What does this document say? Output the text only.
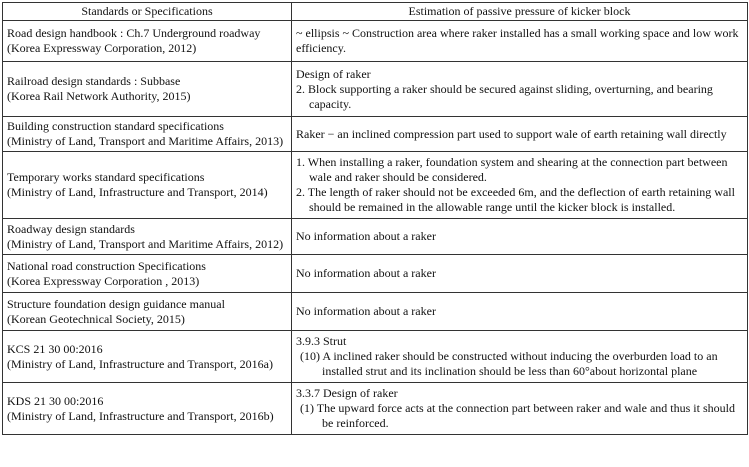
Standards or Specifications	Estimation of passive pressure of kicker block

Road design handbook : Ch.7 Underground roadway
(Korea Expressway Corporation, 2012)	~ ellipsis ~ Construction area where raker installed has a small working space and low work efficiency.

Railroad design standards : Subbase
(Korea Rail Network Authority, 2015)	Design of raker
2. Block supporting a raker should be secured against sliding, overturning, and bearing capacity.

Building construction standard specifications
(Ministry of Land, Transport and Maritime Affairs, 2013)	Raker − an inclined compression part used to support wale of earth retaining wall directly

Temporary works standard specifications
(Ministry of Land, Infrastructure and Transport, 2014)	1. When installing a raker, foundation system and shearing at the connection part between wale and raker should be considered.
2. The length of raker should not be exceeded 6m, and the deflection of earth retaining wall should be remained in the allowable range until the kicker block is installed.

Roadway design standards
(Ministry of Land, Transport and Maritime Affairs, 2012)	No information about a raker

National road construction Specifications
(Korea Expressway Corporation , 2013)	No information about a raker

Structure foundation design guidance manual
(Korean Geotechnical Society, 2015)	No information about a raker

KCS 21 30 00:2016
(Ministry of Land, Infrastructure and Transport, 2016a)	3.9.3 Strut
(10) A inclined raker should be constructed without inducing the overburden load to an installed strut and its inclination should be less than 60°about horizontal plane

KDS 21 30 00:2016
(Ministry of Land, Infrastructure and Transport, 2016b)	3.3.7 Design of raker
(1) The upward force acts at the connection part between raker and wale and thus it should be reinforced.
